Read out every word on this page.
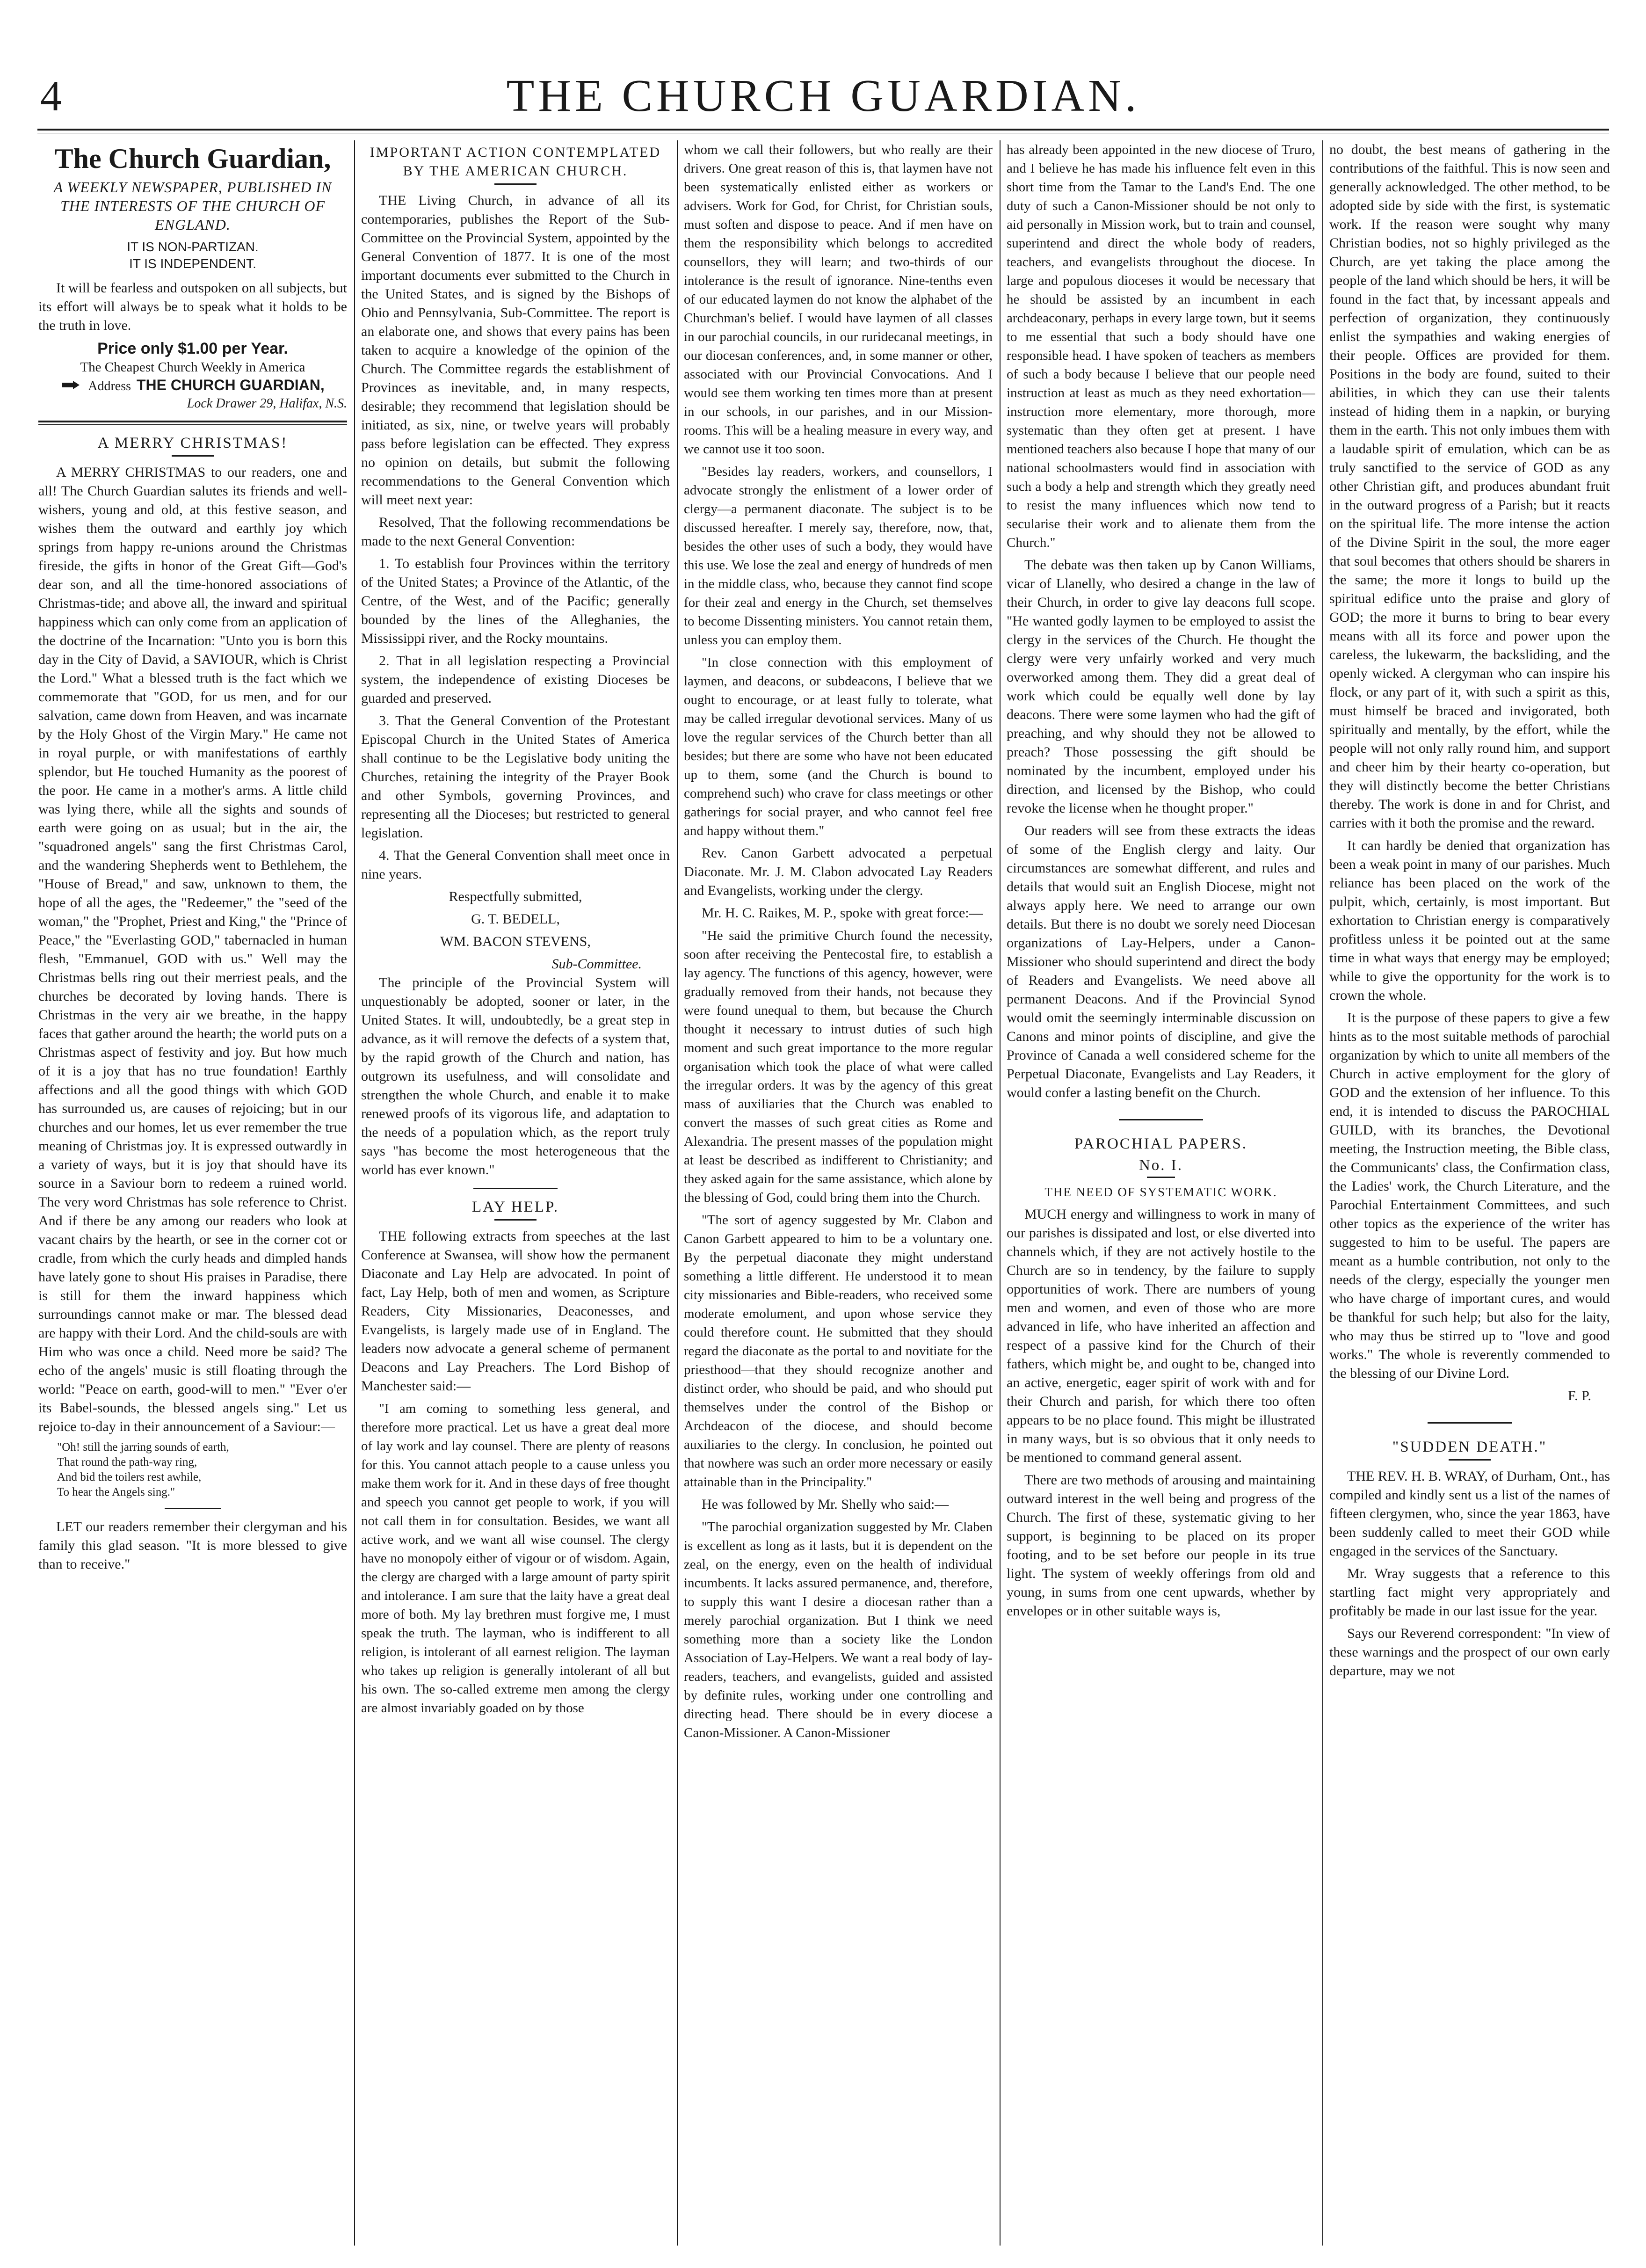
4	THE CHURCH GUARDIAN.
The Church Guardian,
A WEEKLY NEWSPAPER, PUBLISHED IN THE INTERESTS OF THE CHURCH OF ENGLAND.
IT IS NON-PARTIZAN.
IT IS INDEPENDENT.

It will be fearless and outspoken on all subjects, but its effort will always be to speak what it holds to be the truth in love.

Price only $1.00 per Year.
The Cheapest Church Weekly in America
Address THE CHURCH GUARDIAN,
Lock Drawer 29, Halifax, N.S.
A MERRY CHRISTMAS!

A MERRY CHRISTMAS to our readers, one and all! The Church Guardian salutes its friends and well-wishers, young and old, at this festive season, and wishes them the outward and earthly joy which springs from happy re-unions around the Christmas fireside, the gifts in honor of the Great Gift—God's dear son, and all the time-honored associations of Christmas-tide; and above all, the inward and spiritual happiness which can only come from an application of the doctrine of the Incarnation: "Unto you is born this day in the City of David, a SAVIOUR, which is Christ the Lord." What a blessed truth is the fact which we commemorate that "GOD, for us men, and for our salvation, came down from Heaven, and was incarnate by the Holy Ghost of the Virgin Mary." He came not in royal purple, or with manifestations of earthly splendor, but He touched Humanity as the poorest of the poor. He came in a mother's arms. A little child was lying there, while all the sights and sounds of earth were going on as usual; but in the air, the "squadroned angels" sang the first Christmas Carol, and the wandering Shepherds went to Bethlehem, the "House of Bread," and saw, unknown to them, the hope of all the ages, the "Redeemer," the "seed of the woman," the "Prophet, Priest and King," the "Prince of Peace," the "Everlasting GOD," tabernacled in human flesh, "Emmanuel, GOD with us." Well may the Christmas bells ring out their merriest peals, and the churches be decorated by loving hands. There is Christmas in the very air we breathe, in the happy faces that gather around the hearth; the world puts on a Christmas aspect of festivity and joy. But how much of it is a joy that has no true foundation! Earthly affections and all the good things with which GOD has surrounded us, are causes of rejoicing; but in our churches and our homes, let us ever remember the true meaning of Christmas joy. It is expressed outwardly in a variety of ways, but it is joy that should have its source in a Saviour born to redeem a ruined world. The very word Christmas has sole reference to Christ. And if there be any among our readers who look at vacant chairs by the hearth, or see in the corner cot or cradle, from which the curly heads and dimpled hands have lately gone to shout His praises in Paradise, there is still for them the inward happiness which surroundings cannot make or mar. The blessed dead are happy with their Lord. And the child-souls are with Him who was once a child. Need more be said? The echo of the angels' music is still floating through the world: "Peace on earth, good-will to men." "Ever o'er its Babel-sounds, the blessed angels sing." Let us rejoice to-day in their announcement of a Saviour:—

"Oh! still the jarring sounds of earth,
That round the path-way ring,
And bid the toilers rest awhile,
To hear the Angels sing."

LET our readers remember their clergyman and his family this glad season. "It is more blessed to give than to receive."

IMPORTANT ACTION CONTEMPLATED BY THE AMERICAN CHURCH.

THE Living Church, in advance of all its contemporaries, publishes the Report of the Sub-Committee on the Provincial System, appointed by the General Convention of 1877. It is one of the most important documents ever submitted to the Church in the United States, and is signed by the Bishops of Ohio and Pennsylvania, Sub-Committee. The report is an elaborate one, and shows that every pains has been taken to acquire a knowledge of the opinion of the Church. The Committee regards the establishment of Provinces as inevitable, and, in many respects, desirable; they recommend that legislation should be initiated, as six, nine, or twelve years will probably pass before legislation can be effected. They express no opinion on details, but submit the following recommendations to the General Convention which will meet next year:

Resolved, That the following recommendations be made to the next General Convention:

1. To establish four Provinces within the territory of the United States; a Province of the Atlantic, of the Centre, of the West, and of the Pacific; generally bounded by the lines of the Alleghanies, the Mississippi river, and the Rocky mountains.

2. That in all legislation respecting a Provincial system, the independence of existing Dioceses be guarded and preserved.

3. That the General Convention of the Protestant Episcopal Church in the United States of America shall continue to be the Legislative body uniting the Churches, retaining the integrity of the Prayer Book and other Symbols, governing Provinces, and representing all the Dioceses; but restricted to general legislation.

4. That the General Convention shall meet once in nine years.

Respectfully submitted,

G. T. BEDELL,

WM. BACON STEVENS,

Sub-Committee.

The principle of the Provincial System will unquestionably be adopted, sooner or later, in the United States. It will, undoubtedly, be a great step in advance, as it will remove the defects of a system that, by the rapid growth of the Church and nation, has outgrown its usefulness, and will consolidate and strengthen the whole Church, and enable it to make renewed proofs of its vigorous life, and adaptation to the needs of a population which, as the report truly says "has become the most heterogeneous that the world has ever known."

LAY HELP.

THE following extracts from speeches at the last Conference at Swansea, will show how the permanent Diaconate and Lay Help are advocated. In point of fact, Lay Help, both of men and women, as Scripture Readers, City Missionaries, Deaconesses, and Evangelists, is largely made use of in England. The leaders now advocate a general scheme of permanent Deacons and Lay Preachers. The Lord Bishop of Manchester said:—

"I am coming to something less general, and therefore more practical. Let us have a great deal more of lay work and lay counsel. There are plenty of reasons for this. You cannot attach people to a cause unless you make them work for it. And in these days of free thought and speech you cannot get people to work, if you will not call them in for consultation. Besides, we want all active work, and we want all wise counsel. The clergy have no monopoly either of vigour or of wisdom. Again, the clergy are charged with a large amount of party spirit and intolerance. I am sure that the laity have a great deal more of both. My lay brethren must forgive me, I must speak the truth. The layman, who is indifferent to all religion, is intolerant of all earnest religion. The layman who takes up religion is generally intolerant of all but his own. The so-called extreme men among the clergy are almost invariably goaded on by those

whom we call their followers, but who really are their drivers. One great reason of this is, that laymen have not been systematically enlisted either as workers or advisers. Work for God, for Christ, for Christian souls, must soften and dispose to peace. And if men have on them the responsibility which belongs to accredited counsellors, they will learn; and two-thirds of our intolerance is the result of ignorance. Nine-tenths even of our educated laymen do not know the alphabet of the Churchman's belief. I would have laymen of all classes in our parochial councils, in our ruridecanal meetings, in our diocesan conferences, and, in some manner or other, associated with our Provincial Convocations. And I would see them working ten times more than at present in our schools, in our parishes, and in our Mission-rooms. This will be a healing measure in every way, and we cannot use it too soon.

"Besides lay readers, workers, and counsellors, I advocate strongly the enlistment of a lower order of clergy—a permanent diaconate. The subject is to be discussed hereafter. I merely say, therefore, now, that, besides the other uses of such a body, they would have this use. We lose the zeal and energy of hundreds of men in the middle class, who, because they cannot find scope for their zeal and energy in the Church, set themselves to become Dissenting ministers. You cannot retain them, unless you can employ them.

"In close connection with this employment of laymen, and deacons, or subdeacons, I believe that we ought to encourage, or at least fully to tolerate, what may be called irregular devotional services. Many of us love the regular services of the Church better than all besides; but there are some who have not been educated up to them, some (and the Church is bound to comprehend such) who crave for class meetings or other gatherings for social prayer, and who cannot feel free and happy without them."

Rev. Canon Garbett advocated a perpetual Diaconate. Mr. J. M. Clabon advocated Lay Readers and Evangelists, working under the clergy.

Mr. H. C. Raikes, M. P., spoke with great force:—

"He said the primitive Church found the necessity, soon after receiving the Pentecostal fire, to establish a lay agency. The functions of this agency, however, were gradually removed from their hands, not because they were found unequal to them, but because the Church thought it necessary to intrust duties of such high moment and such great importance to the more regular organisation which took the place of what were called the irregular orders. It was by the agency of this great mass of auxiliaries that the Church was enabled to convert the masses of such great cities as Rome and Alexandria. The present masses of the population might at least be described as indifferent to Christianity; and they asked again for the same assistance, which alone by the blessing of God, could bring them into the Church.

"The sort of agency suggested by Mr. Clabon and Canon Garbett appeared to him to be a voluntary one. By the perpetual diaconate they might understand something a little different. He understood it to mean city missionaries and Bible-readers, who received some moderate emolument, and upon whose service they could therefore count. He submitted that they should regard the diaconate as the portal to and novitiate for the priesthood—that they should recognize another and distinct order, who should be paid, and who should put themselves under the control of the Bishop or Archdeacon of the diocese, and should become auxiliaries to the clergy. In conclusion, he pointed out that nowhere was such an order more necessary or easily attainable than in the Principality."

He was followed by Mr. Shelly who said:—

"The parochial organization suggested by Mr. Claben is excellent as long as it lasts, but it is dependent on the zeal, on the energy, even on the health of individual incumbents. It lacks assured permanence, and, therefore, to supply this want I desire a diocesan rather than a merely parochial organization. But I think we need something more than a society like the London Association of Lay-Helpers. We want a real body of lay-readers, teachers, and evangelists, guided and assisted by definite rules, working under one controlling and directing head. There should be in every diocese a Canon-Missioner. A Canon-Missioner

has already been appointed in the new diocese of Truro, and I believe he has made his influence felt even in this short time from the Tamar to the Land's End. The one duty of such a Canon-Missioner should be not only to aid personally in Mission work, but to train and counsel, superintend and direct the whole body of readers, teachers, and evangelists throughout the diocese. In large and populous dioceses it would be necessary that he should be assisted by an incumbent in each archdeaconary, perhaps in every large town, but it seems to me essential that such a body should have one responsible head. I have spoken of teachers as members of such a body because I believe that our people need instruction at least as much as they need exhortation—instruction more elementary, more thorough, more systematic than they often get at present. I have mentioned teachers also because I hope that many of our national schoolmasters would find in association with such a body a help and strength which they greatly need to resist the many influences which now tend to secularise their work and to alienate them from the Church."

The debate was then taken up by Canon Williams, vicar of Llanelly, who desired a change in the law of their Church, in order to give lay deacons full scope. "He wanted godly laymen to be employed to assist the clergy in the services of the Church. He thought the clergy were very unfairly worked and very much overworked among them. They did a great deal of work which could be equally well done by lay deacons. There were some laymen who had the gift of preaching, and why should they not be allowed to preach? Those possessing the gift should be nominated by the incumbent, employed under his direction, and licensed by the Bishop, who could revoke the license when he thought proper."

Our readers will see from these extracts the ideas of some of the English clergy and laity. Our circumstances are somewhat different, and rules and details that would suit an English Diocese, might not always apply here. We need to arrange our own details. But there is no doubt we sorely need Diocesan organizations of Lay-Helpers, under a Canon-Missioner who should superintend and direct the body of Readers and Evangelists. We need above all permanent Deacons. And if the Provincial Synod would omit the seemingly interminable discussion on Canons and minor points of discipline, and give the Province of Canada a well considered scheme for the Perpetual Diaconate, Evangelists and Lay Readers, it would confer a lasting benefit on the Church.

PAROCHIAL PAPERS.
No. I.
THE NEED OF SYSTEMATIC WORK.

MUCH energy and willingness to work in many of our parishes is dissipated and lost, or else diverted into channels which, if they are not actively hostile to the Church are so in tendency, by the failure to supply opportunities of work. There are numbers of young men and women, and even of those who are more advanced in life, who have inherited an affection and respect of a passive kind for the Church of their fathers, which might be, and ought to be, changed into an active, energetic, eager spirit of work with and for their Church and parish, for which there too often appears to be no place found. This might be illustrated in many ways, but is so obvious that it only needs to be mentioned to command general assent.

There are two methods of arousing and maintaining outward interest in the well being and progress of the Church. The first of these, systematic giving to her support, is beginning to be placed on its proper footing, and to be set before our people in its true light. The system of weekly offerings from old and young, in sums from one cent upwards, whether by envelopes or in other suitable ways is,

no doubt, the best means of gathering in the contributions of the faithful. This is now seen and generally acknowledged. The other method, to be adopted side by side with the first, is systematic work. If the reason were sought why many Christian bodies, not so highly privileged as the Church, are yet taking the place among the people of the land which should be hers, it will be found in the fact that, by incessant appeals and perfection of organization, they continuously enlist the sympathies and waking energies of their people. Offices are provided for them. Positions in the body are found, suited to their abilities, in which they can use their talents instead of hiding them in a napkin, or burying them in the earth. This not only imbues them with a laudable spirit of emulation, which can be as truly sanctified to the service of GOD as any other Christian gift, and produces abundant fruit in the outward progress of a Parish; but it reacts on the spiritual life. The more intense the action of the Divine Spirit in the soul, the more eager that soul becomes that others should be sharers in the same; the more it longs to build up the spiritual edifice unto the praise and glory of GOD; the more it burns to bring to bear every means with all its force and power upon the careless, the lukewarm, the backsliding, and the openly wicked. A clergyman who can inspire his flock, or any part of it, with such a spirit as this, must himself be braced and invigorated, both spiritually and mentally, by the effort, while the people will not only rally round him, and support and cheer him by their hearty co-operation, but they will distinctly become the better Christians thereby. The work is done in and for Christ, and carries with it both the promise and the reward.

It can hardly be denied that organization has been a weak point in many of our parishes. Much reliance has been placed on the work of the pulpit, which, certainly, is most important. But exhortation to Christian energy is comparatively profitless unless it be pointed out at the same time in what ways that energy may be employed; while to give the opportunity for the work is to crown the whole.

It is the purpose of these papers to give a few hints as to the most suitable methods of parochial organization by which to unite all members of the Church in active employment for the glory of GOD and the extension of her influence. To this end, it is intended to discuss the PAROCHIAL GUILD, with its branches, the Devotional meeting, the Instruction meeting, the Bible class, the Communicants' class, the Confirmation class, the Ladies' work, the Church Literature, and the Parochial Entertainment Committees, and such other topics as the experience of the writer has suggested to him to be useful. The papers are meant as a humble contribution, not only to the needs of the clergy, especially the younger men who have charge of important cures, and would be thankful for such help; but also for the laity, who may thus be stirred up to "love and good works." The whole is reverently commended to the blessing of our Divine Lord.

F. P.

"SUDDEN DEATH."

THE REV. H. B. WRAY, of Durham, Ont., has compiled and kindly sent us a list of the names of fifteen clergymen, who, since the year 1863, have been suddenly called to meet their GOD while engaged in the services of the Sanctuary.

Mr. Wray suggests that a reference to this startling fact might very appropriately and profitably be made in our last issue for the year.

Says our Reverend correspondent: "In view of these warnings and the prospect of our own early departure, may we not
